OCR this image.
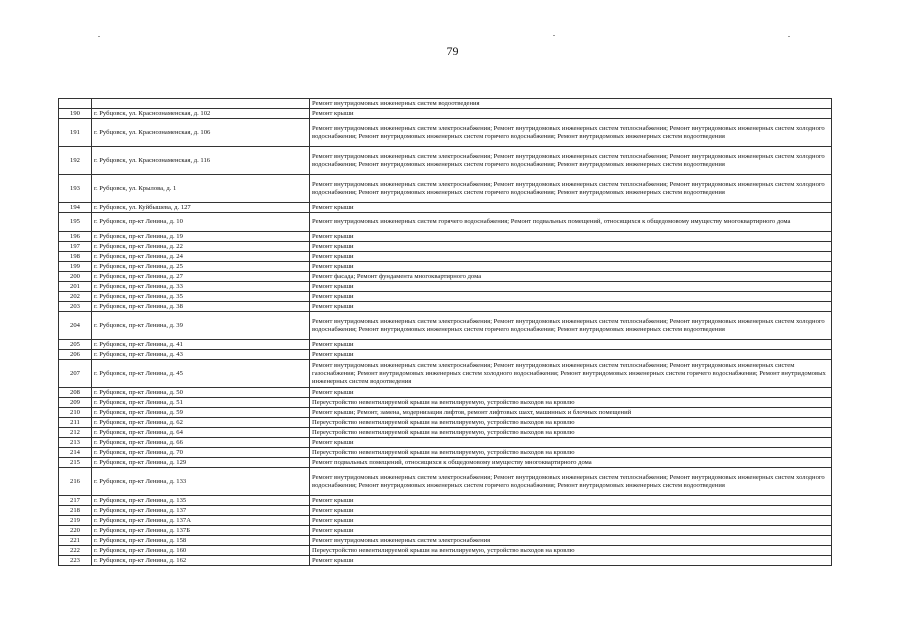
79
		Ремонт внутридомовых инженерных систем водоотведения
190	г. Рубцовск, ул. Краснознаменская, д. 102	Ремонт крыши
191	г. Рубцовск, ул. Краснознаменская, д. 106	Ремонт внутридомовых инженерных систем электроснабжения; Ремонт внутридомовых инженерных систем теплоснабжения; Ремонт внутридомовых инженерных систем холодного водоснабжения; Ремонт внутридомовых инженерных систем горячего водоснабжения; Ремонт внутридомовых инженерных систем водоотведения
192	г. Рубцовск, ул. Краснознаменская, д. 116	Ремонт внутридомовых инженерных систем электроснабжения; Ремонт внутридомовых инженерных систем теплоснабжения; Ремонт внутридомовых инженерных систем холодного водоснабжения; Ремонт внутридомовых инженерных систем горячего водоснабжения; Ремонт внутридомовых инженерных систем водоотведения
193	г. Рубцовск, ул. Крылова, д. 1	Ремонт внутридомовых инженерных систем электроснабжения; Ремонт внутридомовых инженерных систем теплоснабжения; Ремонт внутридомовых инженерных систем холодного водоснабжения; Ремонт внутридомовых инженерных систем горячего водоснабжения; Ремонт внутридомовых инженерных систем водоотведения
194	г. Рубцовск, ул. Куйбышева, д. 127	Ремонт крыши
195	г. Рубцовск, пр-кт Ленина, д. 10	Ремонт внутридомовых инженерных систем горячего водоснабжения; Ремонт подвальных помещений, относящихся к общедомовому имуществу многоквартирного дома
196	г. Рубцовск, пр-кт Ленина, д. 19	Ремонт крыши
197	г. Рубцовск, пр-кт Ленина, д. 22	Ремонт крыши
198	г. Рубцовск, пр-кт Ленина, д. 24	Ремонт крыши
199	г. Рубцовск, пр-кт Ленина, д. 25	Ремонт крыши
200	г. Рубцовск, пр-кт Ленина, д. 27	Ремонт фасада; Ремонт фундамента многоквартирного дома
201	г. Рубцовск, пр-кт Ленина, д. 33	Ремонт крыши
202	г. Рубцовск, пр-кт Ленина, д. 35	Ремонт крыши
203	г. Рубцовск, пр-кт Ленина, д. 38	Ремонт крыши
204	г. Рубцовск, пр-кт Ленина, д. 39	Ремонт внутридомовых инженерных систем электроснабжения; Ремонт внутридомовых инженерных систем теплоснабжения; Ремонт внутридомовых инженерных систем холодного водоснабжения; Ремонт внутридомовых инженерных систем горячего водоснабжения; Ремонт внутридомовых инженерных систем водоотведения
205	г. Рубцовск, пр-кт Ленина, д. 41	Ремонт крыши
206	г. Рубцовск, пр-кт Ленина, д. 43	Ремонт крыши
207	г. Рубцовск, пр-кт Ленина, д. 45	Ремонт внутридомовых инженерных систем электроснабжения; Ремонт внутридомовых инженерных систем теплоснабжения; Ремонт внутридомовых инженерных систем газоснабжения; Ремонт внутридомовых инженерных систем холодного водоснабжения; Ремонт внутридомовых инженерных систем горячего водоснабжения; Ремонт внутридомовых инженерных систем водоотведения
208	г. Рубцовск, пр-кт Ленина, д. 50	Ремонт крыши
209	г. Рубцовск, пр-кт Ленина, д. 51	Переустройство невентилируемой крыши на вентилируемую, устройство выходов на кровлю
210	г. Рубцовск, пр-кт Ленина, д. 59	Ремонт крыши; Ремонт, замена, модернизация лифтов, ремонт лифтовых шахт, машинных и блочных помещений
211	г. Рубцовск, пр-кт Ленина, д. 62	Переустройство невентилируемой крыши на вентилируемую, устройство выходов на кровлю
212	г. Рубцовск, пр-кт Ленина, д. 64	Переустройство невентилируемой крыши на вентилируемую, устройство выходов на кровлю
213	г. Рубцовск, пр-кт Ленина, д. 66	Ремонт крыши
214	г. Рубцовск, пр-кт Ленина, д. 70	Переустройство невентилируемой крыши на вентилируемую, устройство выходов на кровлю
215	г. Рубцовск, пр-кт Ленина, д. 129	Ремонт подвальных помещений, относящихся к общедомовому имуществу многоквартирного дома
216	г. Рубцовск, пр-кт Ленина, д. 133	Ремонт внутридомовых инженерных систем электроснабжения; Ремонт внутридомовых инженерных систем теплоснабжения; Ремонт внутридомовых инженерных систем холодного водоснабжения; Ремонт внутридомовых инженерных систем горячего водоснабжения; Ремонт внутридомовых инженерных систем водоотведения
217	г. Рубцовск, пр-кт Ленина, д. 135	Ремонт крыши
218	г. Рубцовск, пр-кт Ленина, д. 137	Ремонт крыши
219	г. Рубцовск, пр-кт Ленина, д. 137А	Ремонт крыши
220	г. Рубцовск, пр-кт Ленина, д. 137Б	Ремонт крыши
221	г. Рубцовск, пр-кт Ленина, д. 158	Ремонт внутридомовых инженерных систем электроснабжения
222	г. Рубцовск, пр-кт Ленина, д. 160	Переустройство невентилируемой крыши на вентилируемую, устройство выходов на кровлю
223	г. Рубцовск, пр-кт Ленина, д. 162	Ремонт крыши
